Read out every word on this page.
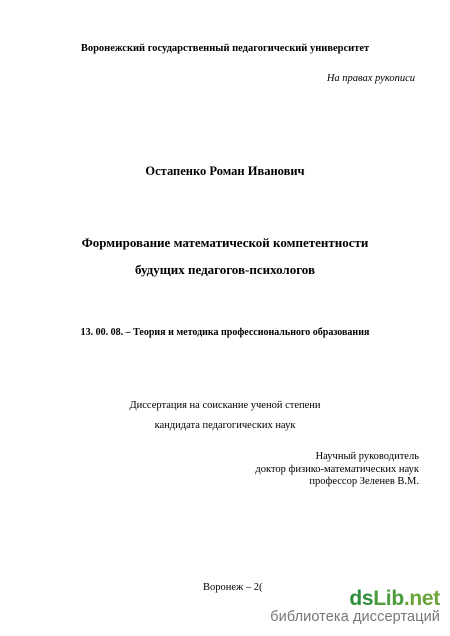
Воронежский государственный педагогический университет
На правах рукописи
Остапенко Роман Иванович
Формирование математической компетентности
будущих педагогов-психологов
13. 00. 08. – Теория и методика профессионального образования
Диссертация на соискание ученой степени
кандидата педагогических наук
Научный руководитель
доктор физико-математических наук
профессор Зеленев В.М.
Воронеж – 2(	dsLib.net
библиотека диссертаций
